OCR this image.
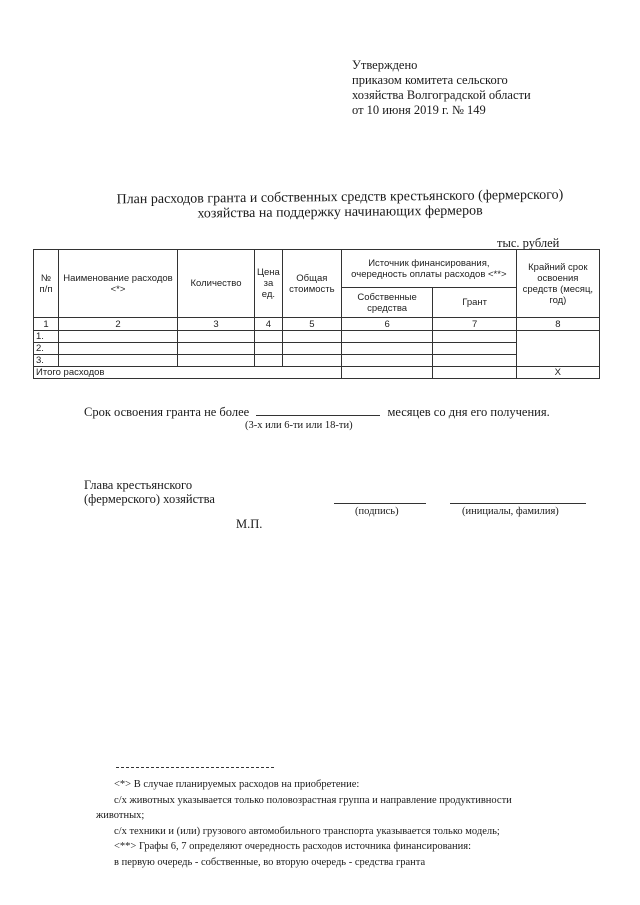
Утверждено
приказом комитета сельского
хозяйства Волгоградской области
от 10 июня 2019 г. № 149
План расходов гранта и собственных средств крестьянского (фермерского)
хозяйства на поддержку начинающих фермеров
тыс. рублей
№ п/п	Наименование расходов <*>	Количество	Цена за ед.	Общая стоимость	Источник финансирования, очередность оплаты расходов <**>		Крайний срок освоения средств (месяц, год)
					Собственные средства	Грант	
1	2	3	4	5	6	7	8
1.							
2.							
3.							
Итого расходов							X
Срок освоения гранта не более	месяцев со дня его получения.
(3-х или 6-ти или 18-ти)
Глава крестьянского
(фермерского) хозяйства
(подпись)	(инициалы, фамилия)
М.П.
<*> В случае планируемых расходов на приобретение:
с/х животных указывается только половозрастная группа и направление продуктивности
животных;
с/х техники и (или) грузового автомобильного транспорта указывается только модель;
<**> Графы 6, 7 определяют очередность расходов источника финансирования:
в первую очередь - собственные, во вторую очередь - средства гранта
